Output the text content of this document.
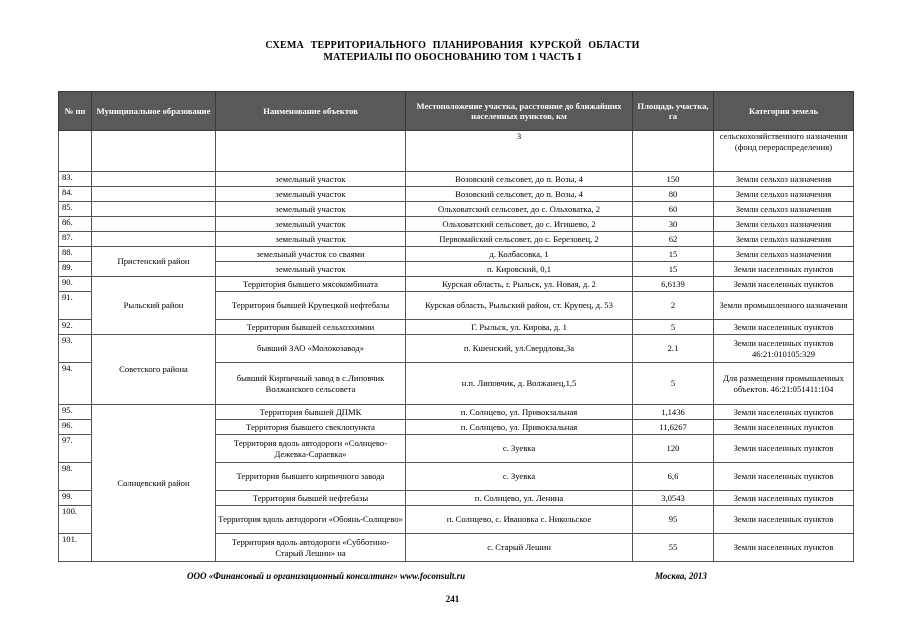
СХЕМА ТЕРРИТОРИАЛЬНОГО ПЛАНИРОВАНИЯ КУРСКОЙ ОБЛАСТИ
МАТЕРИАЛЫ ПО ОБОСНОВАНИЮ ТОМ 1 ЧАСТЬ I
№ пп	Муниципальное образование	Наименование объектов	Местоположение участка, расстояние до ближайших населенных пунктов, км	Площадь участка, га	Категория земель
			3		сельскохозяйственного назначения (фонд перераспределения)
83.		земельный участок	Возовский сельсовет, до п. Возы, 4	150	Земли сельхоз назначения
84.		земельный участок	Возовский сельсовет, до п. Возы, 4	80	Земли сельхоз назначения
85.		земельный участок	Ольховатский сельсовет, до с. Ольховатка, 2	60	Земли сельхоз назначения
86.		земельный участок	Ольховатский сельсовет, до с. Игишево, 2	30	Земли сельхоз назначения
87.		земельный участок	Первомайский сельсовет, до с. Березовец, 2	62	Земли сельхоз назначения
88.	Пристенский район	земельный участок со сваями	д. Колбасовка, 1	15	Земли сельхоз назначения
89.		земельный участок	п. Кировский, 0,1	15	Земли населенных пунктов
90.	Рыльский район	Территория бывшего мясокомбината	Курская область, г. Рыльск, ул. Новая, д. 2	6,6139	Земли населенных пунктов
91.		Территория бывшей Крупецкой нефтебазы	Курская область, Рыльский район, ст. Крупец, д. 53	2	Земли промышленного назначения
92.		Территория бывшей сельхозхимии	Г. Рыльск, ул. Кирова, д. 1	5	Земли населенных пунктов
93.	Советского района	бывший ЗАО «Молокозавод»	п. Кшенский, ул.Свердлова,3а	2.1	Земли населенных пунктов 46:21:010105:329
94.		бывший Кирпичный завод в с.Липовчик Волжанского сельсовета	н.п. Липовчик, д. Волжанец,1,5	5	Для размещения промышленных объектов. 46:21:051411:104
95.	Солнцевский район	Территория бывшей ДПМК	п. Солнцево, ул. Привокзальная	1,1436	Земли населенных пунктов
96.		Территория бывшего свеклопункта	п. Солнцево, ул. Привокзальная	11,6267	Земли населенных пунктов
97.		Территория вдоль автодороги «Солнцево-Дежевка-Сараевка»	с. Зуевка	120	Земли населенных пунктов
98.		Территория бывшего кирпичного завода	с. Зуевка	6,6	Земли населенных пунктов
99.		Территория бывшей нефтебазы	п. Солнцево, ул. Ленина	3,0543	Земли населенных пунктов
100.		Территория вдоль автодороги «Обоянь-Солнцево»	п. Солнцево, с. Ивановка с. Никольское	95	Земли населенных пунктов
101.		Территория вдоль автодороги «Субботино-Старый Лешин» на	с. Старый Лешин	55	Земли населенных пунктов
ООО «Финансовый и организационный консалтинг» www.foconsult.ru	Москва, 2013
241
